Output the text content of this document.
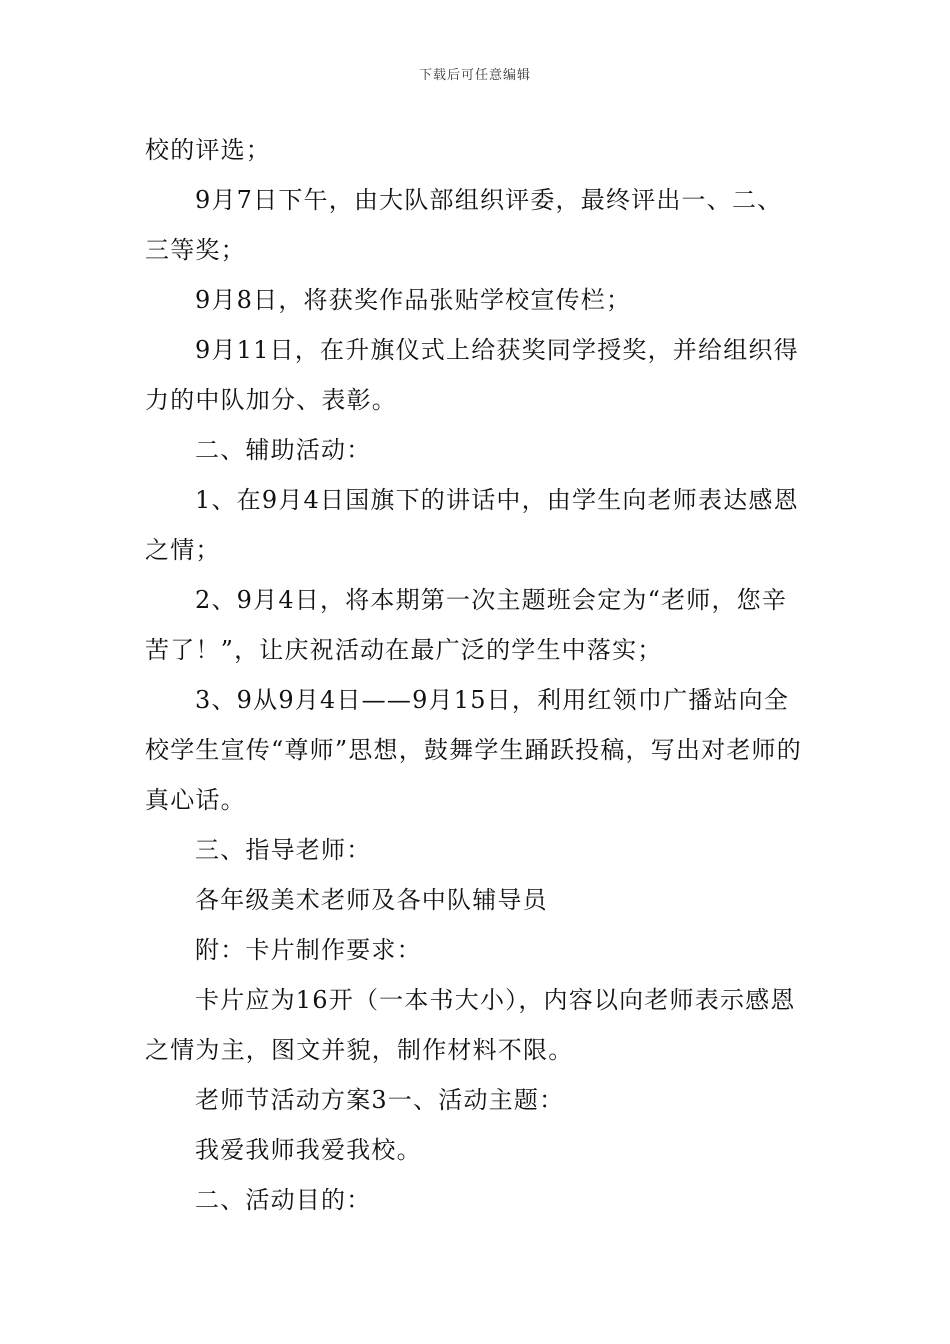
下载后可任意编辑

校的评选；

9月7日下午，由大队部组织评委，最终评出一、二、三等奖；

9月8日，将获奖作品张贴学校宣传栏；

9月11日，在升旗仪式上给获奖同学授奖，并给组织得力的中队加分、表彰。

二、辅助活动：

1、在9月4日国旗下的讲话中，由学生向老师表达感恩之情；

2、9月4日，将本期第一次主题班会定为“老师，您辛苦了！”，让庆祝活动在最广泛的学生中落实；

3、9从9月4日——9月15日，利用红领巾广播站向全校学生宣传“尊师”思想，鼓舞学生踊跃投稿，写出对老师的真心话。

三、指导老师：

各年级美术老师及各中队辅导员

附：卡片制作要求：

卡片应为16开（一本书大小），内容以向老师表示感恩之情为主，图文并貌，制作材料不限。

老师节活动方案3一、活动主题：

我爱我师我爱我校。

二、活动目的：
